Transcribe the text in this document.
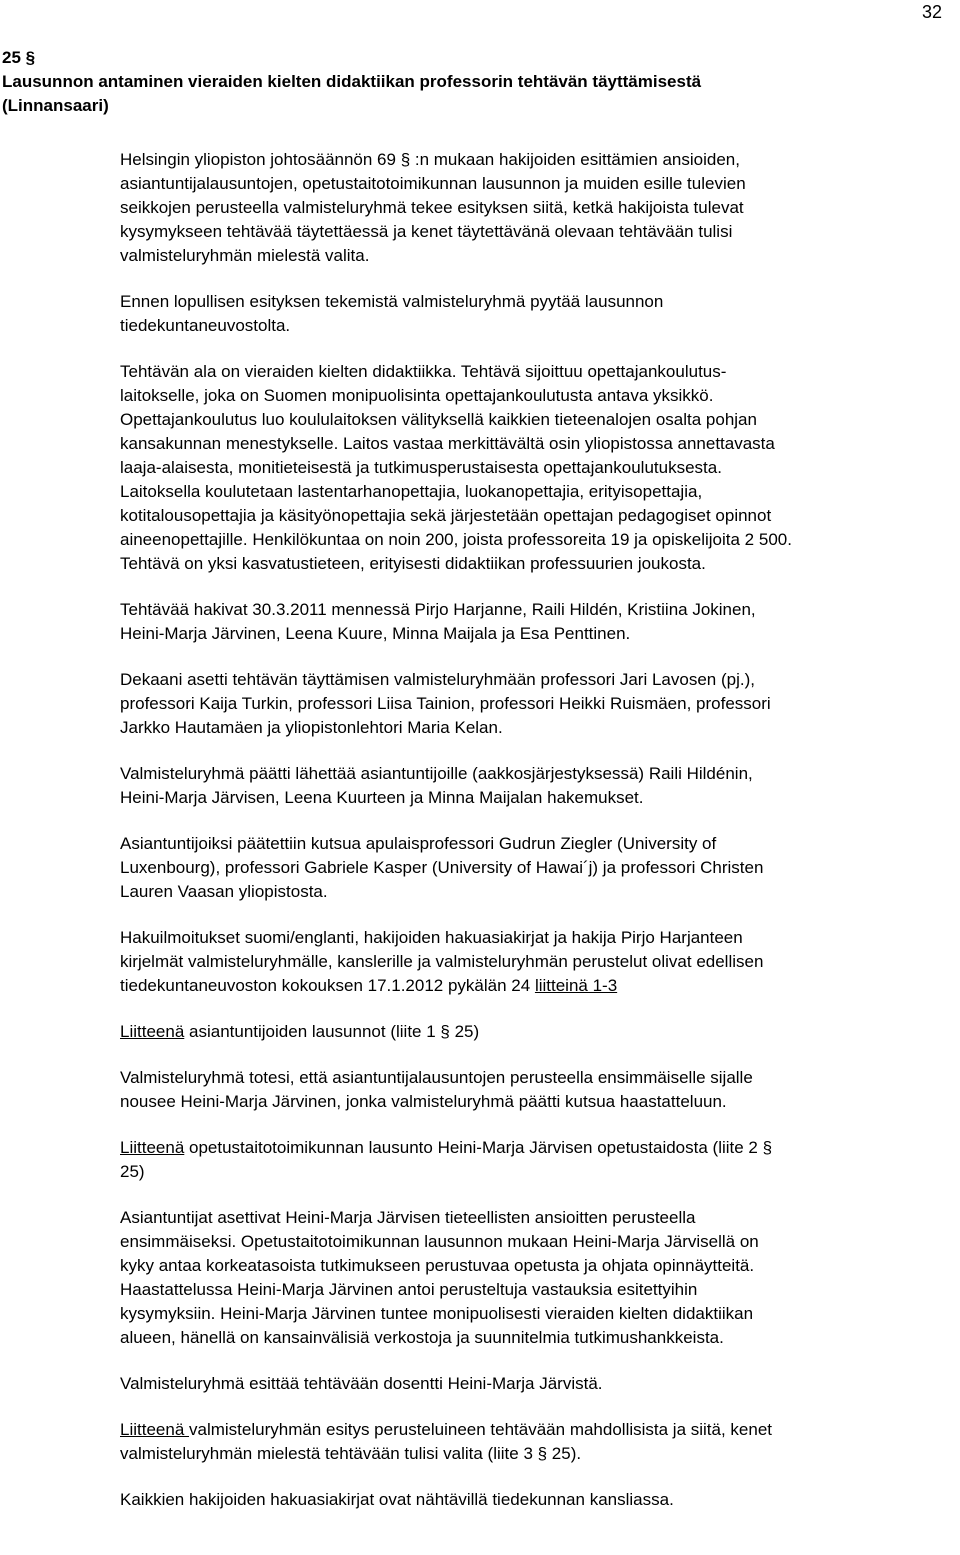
32
25 §
Lausunnon antaminen vieraiden kielten didaktiikan professorin tehtävän täyttämisestä
(Linnansaari)

Helsingin yliopiston johtosäännön 69 § :n mukaan hakijoiden esittämien ansioiden,
asiantuntijalausuntojen, opetustaitotoimikunnan lausunnon ja muiden esille tulevien
seikkojen perusteella valmisteluryhmä tekee esityksen siitä, ketkä hakijoista tulevat
kysymykseen tehtävää täytettäessä ja kenet täytettävänä olevaan tehtävään tulisi
valmisteluryhmän mielestä valita.

Ennen lopullisen esityksen tekemistä valmisteluryhmä pyytää lausunnon
tiedekuntaneuvostolta.

Tehtävän ala on vieraiden kielten didaktiikka. Tehtävä sijoittuu opettajankoulutus-
laitokselle, joka on Suomen monipuolisinta opettajankoulutusta antava yksikkö.
Opettajankoulutus luo koululaitoksen välityksellä kaikkien tieteenalojen osalta pohjan
kansakunnan menestykselle. Laitos vastaa merkittävältä osin yliopistossa annettavasta
laaja-alaisesta, monitieteisestä ja tutkimusperustaisesta opettajankoulutuksesta.
Laitoksella koulutetaan lastentarhanopettajia, luokanopettajia, erityisopettajia,
kotitalousopettajia ja käsityönopettajia sekä järjestetään opettajan pedagogiset opinnot
aineenopettajille. Henkilökuntaa on noin 200, joista professoreita 19 ja opiskelijoita 2 500.
Tehtävä on yksi kasvatustieteen, erityisesti didaktiikan professuurien joukosta.

Tehtävää hakivat 30.3.2011 mennessä Pirjo Harjanne, Raili Hildén, Kristiina Jokinen,
Heini-Marja Järvinen, Leena Kuure, Minna Maijala ja Esa Penttinen.

Dekaani asetti tehtävän täyttämisen valmisteluryhmään professori Jari Lavosen (pj.),
professori Kaija Turkin, professori Liisa Tainion, professori Heikki Ruismäen, professori
Jarkko Hautamäen ja yliopistonlehtori Maria Kelan.

Valmisteluryhmä päätti lähettää asiantuntijoille (aakkosjärjestyksessä) Raili Hildénin,
Heini-Marja Järvisen, Leena Kuurteen ja Minna Maijalan hakemukset.

Asiantuntijoiksi päätettiin kutsua apulaisprofessori Gudrun Ziegler (University of
Luxenbourg), professori Gabriele Kasper (University of Hawai´j) ja professori Christen
Lauren Vaasan yliopistosta.

Hakuilmoitukset suomi/englanti, hakijoiden hakuasiakirjat ja hakija Pirjo Harjanteen
kirjelmät valmisteluryhmälle, kanslerille ja valmisteluryhmän perustelut olivat edellisen
tiedekuntaneuvoston kokouksen 17.1.2012 pykälän 24 liitteinä 1-3

Liitteenä asiantuntijoiden lausunnot (liite 1 § 25)

Valmisteluryhmä totesi, että asiantuntijalausuntojen perusteella ensimmäiselle sijalle
nousee Heini-Marja Järvinen, jonka valmisteluryhmä päätti kutsua haastatteluun.

Liitteenä opetustaitotoimikunnan lausunto Heini-Marja Järvisen opetustaidosta (liite 2 §
25)

Asiantuntijat asettivat Heini-Marja Järvisen tieteellisten ansioitten perusteella
ensimmäiseksi. Opetustaitotoimikunnan lausunnon mukaan Heini-Marja Järvisellä on
kyky antaa korkeatasoista tutkimukseen perustuvaa opetusta ja ohjata opinnäytteitä.
Haastattelussa Heini-Marja Järvinen antoi perusteltuja vastauksia esitettyihin
kysymyksiin. Heini-Marja Järvinen tuntee monipuolisesti vieraiden kielten didaktiikan
alueen, hänellä on kansainvälisiä verkostoja ja suunnitelmia tutkimushankkeista.

Valmisteluryhmä esittää tehtävään dosentti Heini-Marja Järvistä.

Liitteenä valmisteluryhmän esitys perusteluineen tehtävään mahdollisista ja siitä, kenet
valmisteluryhmän mielestä tehtävään tulisi valita (liite 3 § 25).

Kaikkien hakijoiden hakuasiakirjat ovat nähtävillä tiedekunnan kansliassa.
